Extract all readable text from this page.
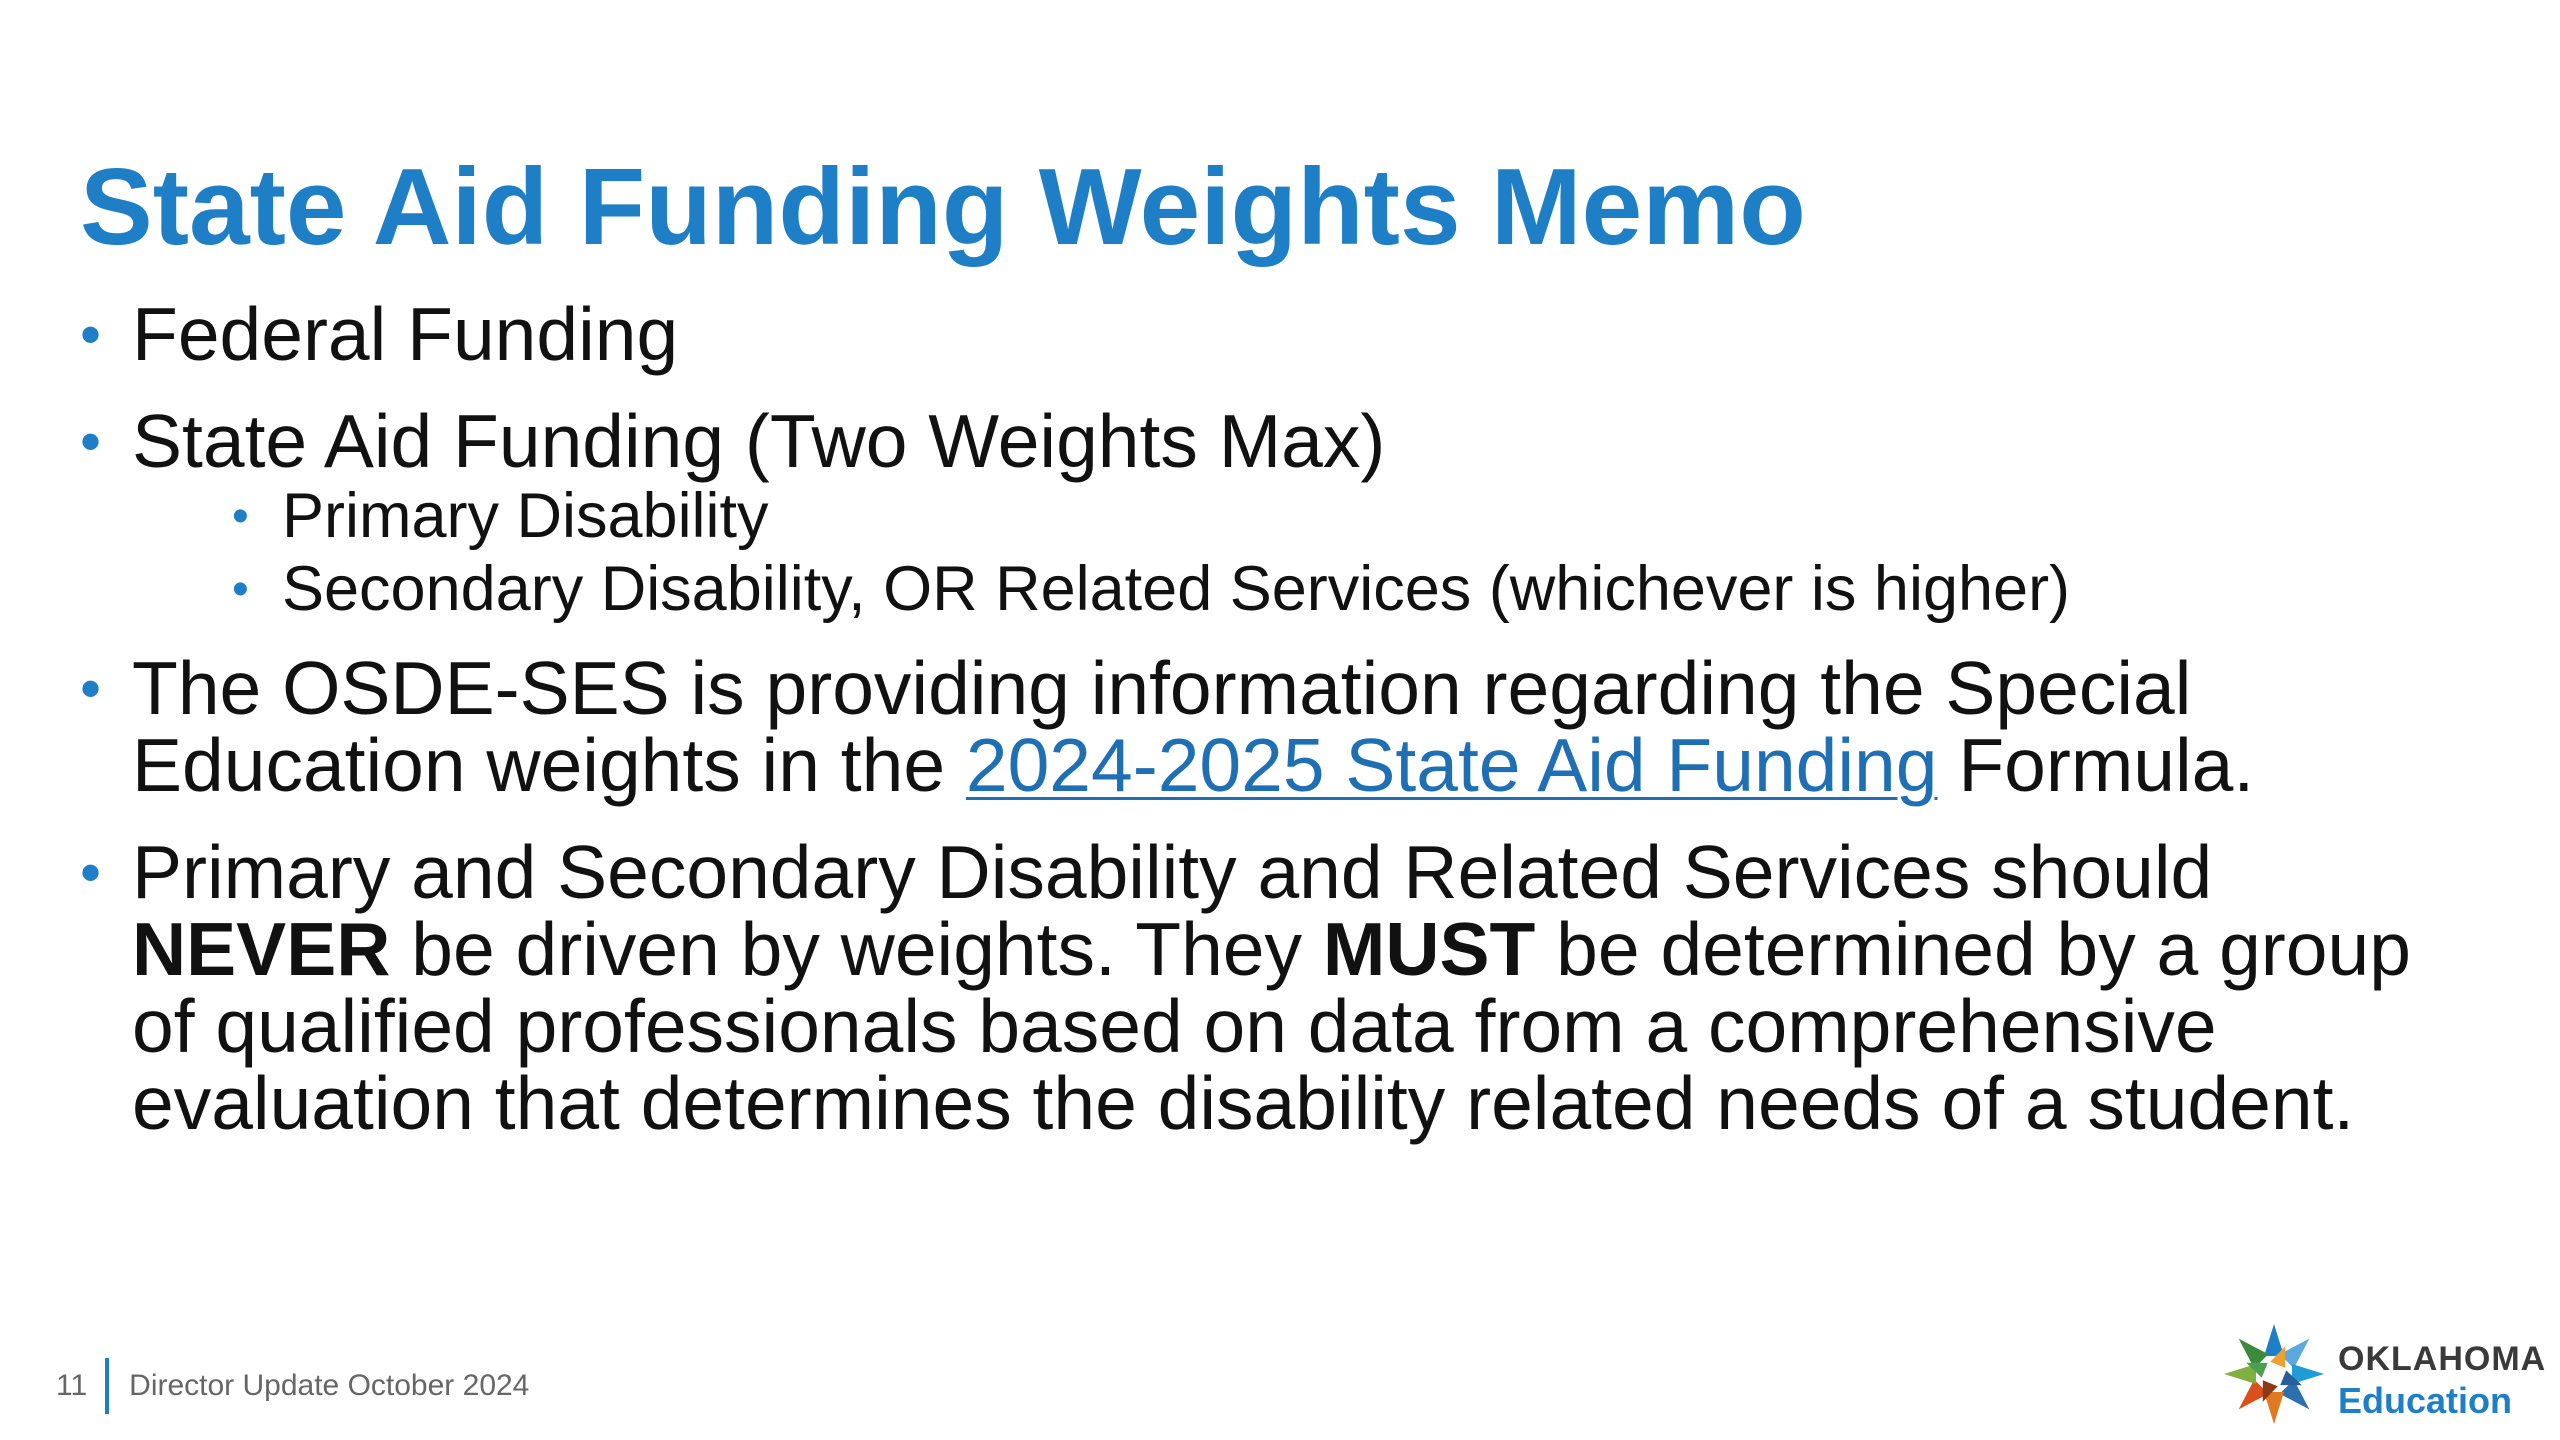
State Aid Funding Weights Memo
• Federal Funding
• State Aid Funding (Two Weights Max)
• Primary Disability
• Secondary Disability, OR Related Services (whichever is higher)
• The OSDE-SES is providing information regarding the Special Education weights in the 2024-2025 State Aid Funding Formula.
• Primary and Secondary Disability and Related Services should NEVER be driven by weights. They MUST be determined by a group of qualified professionals based on data from a comprehensive evaluation that determines the disability related needs of a student.
11 Director Update October 2024
OKLAHOMA
Education
